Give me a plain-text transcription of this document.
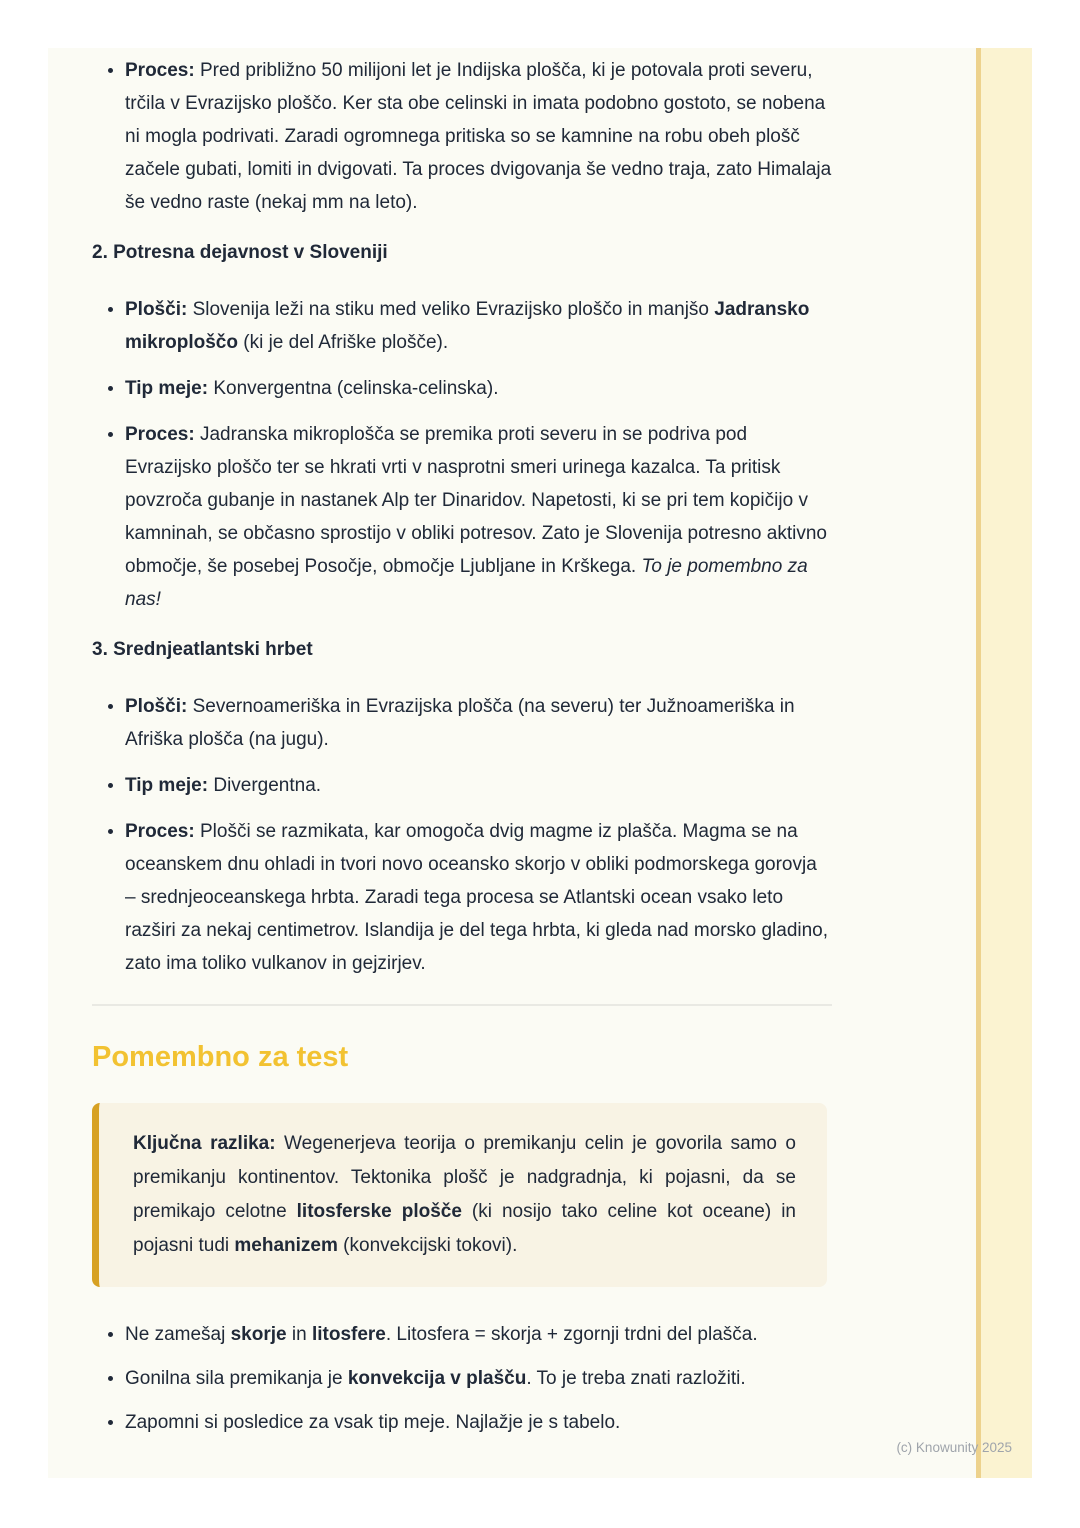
• Proces: Pred približno 50 milijoni let je Indijska plošča, ki je potovala proti severu, trčila v Evrazijsko ploščo. Ker sta obe celinski in imata podobno gostoto, se nobena ni mogla podrivati. Zaradi ogromnega pritiska so se kamnine na robu obeh plošč začele gubati, lomiti in dvigovati. Ta proces dvigovanja še vedno traja, zato Himalaja še vedno raste (nekaj mm na leto).
2. Potresna dejavnost v Sloveniji
• Plošči: Slovenija leži na stiku med veliko Evrazijsko ploščo in manjšo Jadransko mikroploščo (ki je del Afriške plošče).
• Tip meje: Konvergentna (celinska-celinska).
• Proces: Jadranska mikroplošča se premika proti severu in se podriva pod Evrazijsko ploščo ter se hkrati vrti v nasprotni smeri urinega kazalca. Ta pritisk povzroča gubanje in nastanek Alp ter Dinaridov. Napetosti, ki se pri tem kopičijo v kamninah, se občasno sprostijo v obliki potresov. Zato je Slovenija potresno aktivno območje, še posebej Posočje, območje Ljubljane in Krškega. To je pomembno za nas!
3. Srednjeatlantski hrbet
• Plošči: Severnoameriška in Evrazijska plošča (na severu) ter Južnoameriška in Afriška plošča (na jugu).
• Tip meje: Divergentna.
• Proces: Plošči se razmikata, kar omogoča dvig magme iz plašča. Magma se na oceanskem dnu ohladi in tvori novo oceansko skorjo v obliki podmorskega gorovja – srednjeoceanskega hrbta. Zaradi tega procesa se Atlantski ocean vsako leto razširi za nekaj centimetrov. Islandija je del tega hrbta, ki gleda nad morsko gladino, zato ima toliko vulkanov in gejzirjev.
Pomembno za test

Ključna razlika: Wegenerjeva teorija o premikanju celin je govorila samo o premikanju kontinentov. Tektonika plošč je nadgradnja, ki pojasni, da se premikajo celotne litosferske plošče (ki nosijo tako celine kot oceane) in pojasni tudi mehanizem (konvekcijski tokovi).

• Ne zamešaj skorje in litosfere. Litosfera = skorja + zgornji trdni del plašča.
• Gonilna sila premikanja je konvekcija v plašču. To je treba znati razložiti.
• Zapomni si posledice za vsak tip meje. Najlažje je s tabelo.
(c) Knowunity 2025
